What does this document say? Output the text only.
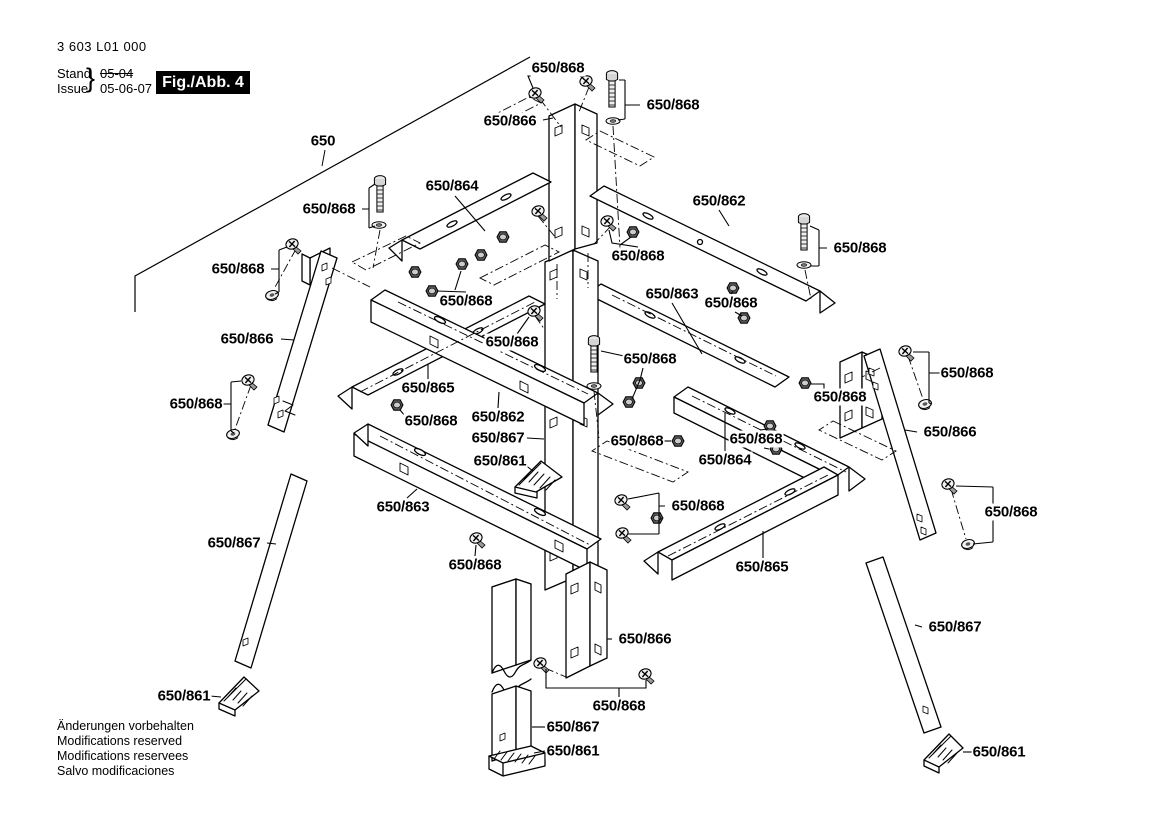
650
650/868
650/868
650/866
650/864
650/862
650/868
650/868
650/868
650/868
650/863
650/868
650/868
650/866	650/868
650/868
650/868
650/865
650/868
650/868
650/868 650/862
650/866
650/867	650/868	650/868
650/861	650/864
650/868
650/863	650/868
650/867
650/868	650/865
650/867
650/866
650/861
650/868
650/867
650/861	650/861
3 603 L01 000
Stand
Issue
} 05-04
05-06-07 Fig./Abb. 4
Änderungen vorbehalten
Modifications reserved
Modifications reservees
Salvo modificaciones
